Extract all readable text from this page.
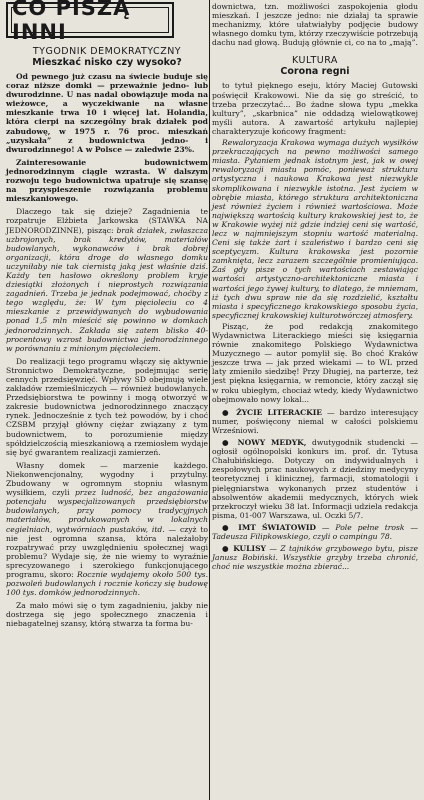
CO PISZĄ INNI
TYGODNIK DEMOKRATYCZNY
Mieszkać nisko czy wysoko?

Od pewnego już czasu na świecie budujе się coraz niższe domki — przeważnie jedno- lub dwurodzinne. U nas nadal obowiązuje moda na wieżowce, a wyczekiwanie na własne mieszkanie trwa 10 i więcej lat. Holandia, która cierpi na szczególny brak działek pod zabudowę, w 1975 r. 76 proc. mieszkań „uzyskała” z budownictwa jedno- i dwurodzinnego! A w Polsce — zaledwie 23%.

Zainteresowanie budownictwem jednorodzinnym ciągle wzrasta. W dalszym rozwoju tego budownictwa upatruje się szansę na przyspieszenie rozwiązania problemu mieszkaniowego.

Dlaczego tak się dzieje? Zagadnienia te rozpatruje Elżbieta Jarkowska (STAWKA NA JEDNORODZINNE), pisząc: brak działek, zwłaszcza uzbrojonych, brak kredytów, materiałów budowlanych, wykonawców i brak dobrej organizacji, która droge do własnego domku uczyniłaby nie tak ciernistą jaką jest właśnie dziś. Każdy ten hasłowo określony problem kryje dziesiątki złożonych i nieprostych rozwiązania zagadnień. Trzeba je jednak podejmować, choćby z tego względu, że: W tym pięcioleciu co 4 mieszkanie z przewidywanych do wybudowania ponad 1,5 mln mieścić się powinno w domkach jednorodzinnych. Zakłada się zatem blisko 40-procentowy wzrost budownictwa jednorodzinnego w porównaniu z minionym pięcioleciem.

Do realizacji tego programu włączy się aktywnie Stronnictwo Demokratyczne, podejmując serię cennych przedsięwzięć. Wpływy SD obejmują wiele zakładów rzemieślniczych — również budowlanych. Przedsiębiorstwa te powinny i mogą otworzyć w zakresie budownictwa jednorodzinnego znaczący rynek. Jednocześnie z tych też powodów, by i choć CZSBM przyjął główny ciężar związany z tym budownictwem, to porozumienie między spółdzielczością mieszkaniową a rzemiosłem wydaje się być gwarantem realizacji zamierzeń.

Własny domek — marzenie każdego. Niekonwencjonalny, wygodny i przytulny. Zbudowany w ogromnym stopniu własnym wysiłkiem, czyli przez ludność, bez angażowania potencjału wyspecjalizowanych przedsiębiorstw budowlanych, przy pomocy tradycyjnych materiałów, produkowanych w lokalnych cegielniach, wytwórniach pustaków, itd. — czyż to nie jest ogromna szansa, która należałoby rozpatrywać przy uwzględnieniu społecznej wagi problemu? Wydaje się, że nie wiemy to wyraźnie sprecyzowanego i szerokiego funkcjonującego programu, skoro: Rocznie wydajemy około 500 tys. pozwoleń budowlanych i rocznie kończy się budowę 100 tys. domków jednorodzinnych.

Za mało mówi się o tym zagadnieniu, jakby nie dostrzega się jego społecznego znaczenia i niebagatelnej szansy, którą stwarza ta forma bu-

downictwa, tzn. możliwości zaspokojenia głodu mieszkań. I jeszcze jedno: nie działaj ta sprawie mechanizmy, które ułatwiałyby podjęcie budowy własnego domku tym, którzy rzeczywiście potrzebują dachu nad głową. Budują głównie ci, co na to „mają”.

KULTURA
Corona regni

to tytuł pięknego eseju, który Maciej Gutowski poświęcił Krakowowi. Nie da się go streścić, to trzeba przeczytać... Bo żadne słowa typu „mekka kultury”, „skarbnica” nie oddadzą wielowątkowej myśli autora. A zawartość artykułu najlepiej charakteryzuje końcowy fragment:

Rewaloryzacja Krakowa wymaga dużych wysiłków przekraczających na pewno możliwości samego miasta. Pytaniem jednak istotnym jest, jak w owej rewaloryzacji miastu pomóc, ponieważ struktura artystyczna i naukowa Krakowa jest niezwykle skomplikowana i niezwykle istotna. Jest życiem w obrębie miasta, którego struktura architektoniczna jest również życiem i również wartościowa. Może największą wartością kultury krakowskiej jest to, że w Krakowie wyżej niż gdzie indziej ceni się wartość, lecz w najmniejszym stopniu wartość materialną. Ceni się także żart i szaleństwo i bardzo ceni się sceptycyzm. Kultura krakowska jest pozornie zamknięta, lecz zarazem szczególnie promieniująca. Zaś gdy pisze o tych wartościach zestawiając wartości artystyczno-architektoniczne miasta i wartości jego żywej kultury, to dlatego, że mniemam, iż tych dwu spraw nie da się rozdzielić, kształtu miasta i specyficznego krakowskiego sposobu życia, specyficznej krakowskiej kulturotwórczej atmosfery.

Pisząc, że pod redakcją znakomitego Wydawnictwa Literackiego mieści się księgarnia równie znakomitego Polskiego Wydawnictwa Muzycznego — autor pomylił się. Bo choć Kraków jeszcze trwa — jak przed wiekami — to WL przed laty zmieniło siedzibę! Przy Długiej, na parterze, też jest piękna księgarnia, w remoncie, który zaczął się w roku ubiegłym, chociaż wtedy, kiedy Wydawnictwo obejmowało nowy lokal...

● ŻYCIE LITERACKIE — bardzo interesujący numer, poświęcony niemal w całości polskiemu Wrześniowi.

● NOWY MEDYK, dwutygodnik studencki — ogłosił ogólnopolski konkurs im. prof. dr. Tytusa Chałubińskiego. Dotyczy on indywidualnych i zespołowych prac naukowych z dziedziny medycyny teoretycznej i klinicznej, farmacji, stomatologii i pielęgniarstwa wykonanych przez studentów i absolwentów akademii medycznych, których wiek przekroczył wieku 38 lat. Informacji udziela redakcja pisma, 01-007 Warszawa, ul. Oczki 5/7.

● IMT ŚWIATOWID — Pole pełne trosk — Tadeusza Filipkowskiego, czyli o campingu 78.

● KULISY — Z tajników grzybowego bytu, pisze Janusz Bobiński. Wszystkie grzyby trzeba chronić, choć nie wszystkie można zbierać...
